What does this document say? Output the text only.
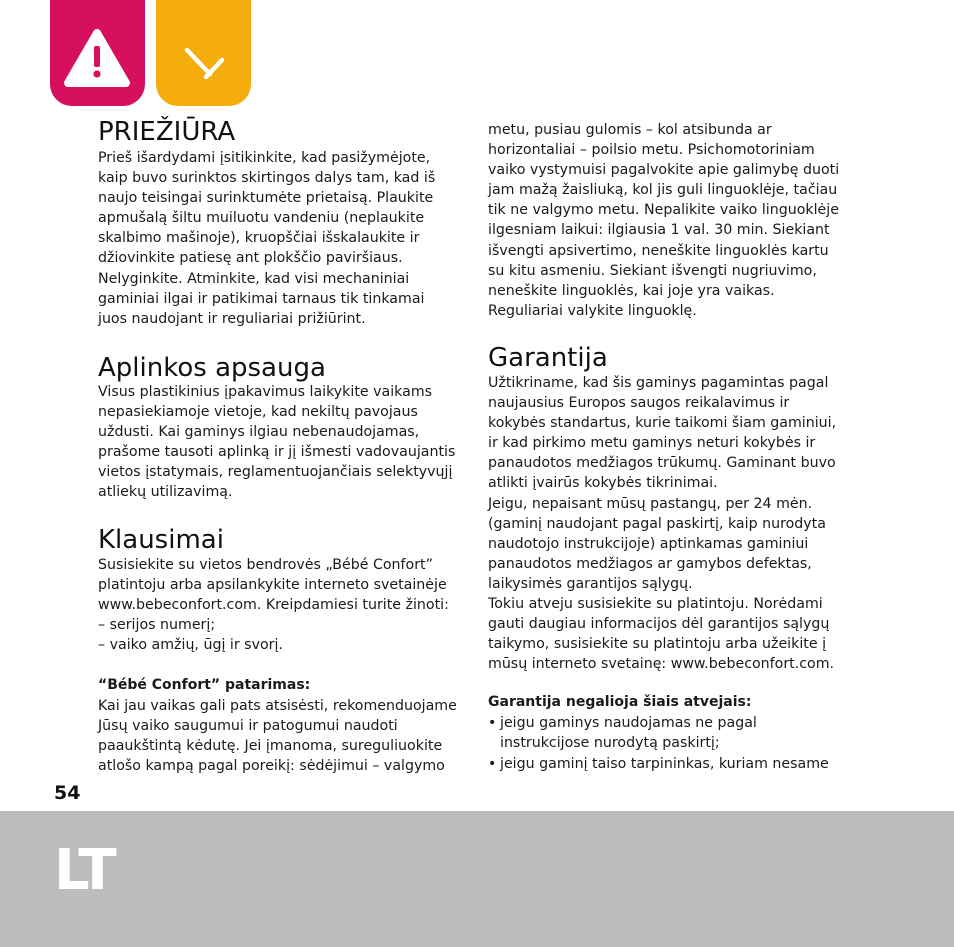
PRIEŽIŪRA
Prieš išardydami įsitikinkite, kad pasižymėjote,
kaip buvo surinktos skirtingos dalys tam, kad iš
naujo teisingai surinktumėte prietaisą. Plaukite
apmušalą šiltu muiluotu vandeniu (neplaukite
skalbimo mašinoje), kruopščiai išskalaukite ir
džiovinkite patiesę ant plokščio paviršiaus.
Nelyginkite. Atminkite, kad visi mechaniniai
gaminiai ilgai ir patikimai tarnaus tik tinkamai
juos naudojant ir reguliariai prižiūrint.
Aplinkos apsauga
Visus plastikinius įpakavimus laikykite vaikams
nepasiekiamoje vietoje, kad nekiltų pavojaus
uždusti. Kai gaminys ilgiau nebenaudojamas,
prašome tausoti aplinką ir jį išmesti vadovaujantis
vietos įstatymais, reglamentuojančiais selektyvųjį
atliekų utilizavimą.
Klausimai
Susisiekite su vietos bendrovės „Bébé Confort”
platintoju arba apsilankykite interneto svetainėje
www.bebeconfort.com. Kreipdamiesi turite žinoti:
– serijos numerį;
– vaiko amžių, ūgį ir svorį.
“Bébé Confort” patarimas:
Kai jau vaikas gali pats atsisėsti, rekomenduojame
Jūsų vaiko saugumui ir patogumui naudoti
paaukštintą kėdutę. Jei įmanoma, sureguliuokite
atlošo kampą pagal poreikį: sėdėjimui – valgymo
metu, pusiau gulomis – kol atsibunda ar
horizontaliai – poilsio metu. Psichomotoriniam
vaiko vystymuisi pagalvokite apie galimybę duoti
jam mažą žaisliuką, kol jis guli linguoklėje, tačiau
tik ne valgymo metu. Nepalikite vaiko linguoklėje
ilgesniam laikui: ilgiausia 1 val. 30 min. Siekiant
išvengti apsivertimo, neneškite linguoklės kartu
su kitu asmeniu. Siekiant išvengti nugriuvimo,
neneškite linguoklės, kai joje yra vaikas.
Reguliariai valykite linguoklę.
Garantija
Užtikriname, kad šis gaminys pagamintas pagal
naujausius Europos saugos reikalavimus ir
kokybės standartus, kurie taikomi šiam gaminiui,
ir kad pirkimo metu gaminys neturi kokybės ir
panaudotos medžiagos trūkumų. Gaminant buvo
atlikti įvairūs kokybės tikrinimai.
Jeigu, nepaisant mūsų pastangų, per 24 mėn.
(gaminį naudojant pagal paskirtį, kaip nurodyta
naudotojo instrukcijoje) aptinkamas gaminiui
panaudotos medžiagos ar gamybos defektas,
laikysimės garantijos sąlygų.
Tokiu atveju susisiekite su platintoju. Norėdami
gauti daugiau informacijos dėl garantijos sąlygų
taikymo, susisiekite su platintoju arba užeikite į
mūsų interneto svetainę: www.bebeconfort.com.
Garantija negalioja šiais atvejais:
• jeigu gaminys naudojamas ne pagal
instrukcijose nurodytą paskirtį;
• jeigu gaminį taiso tarpininkas, kuriam nesame
54
LT
